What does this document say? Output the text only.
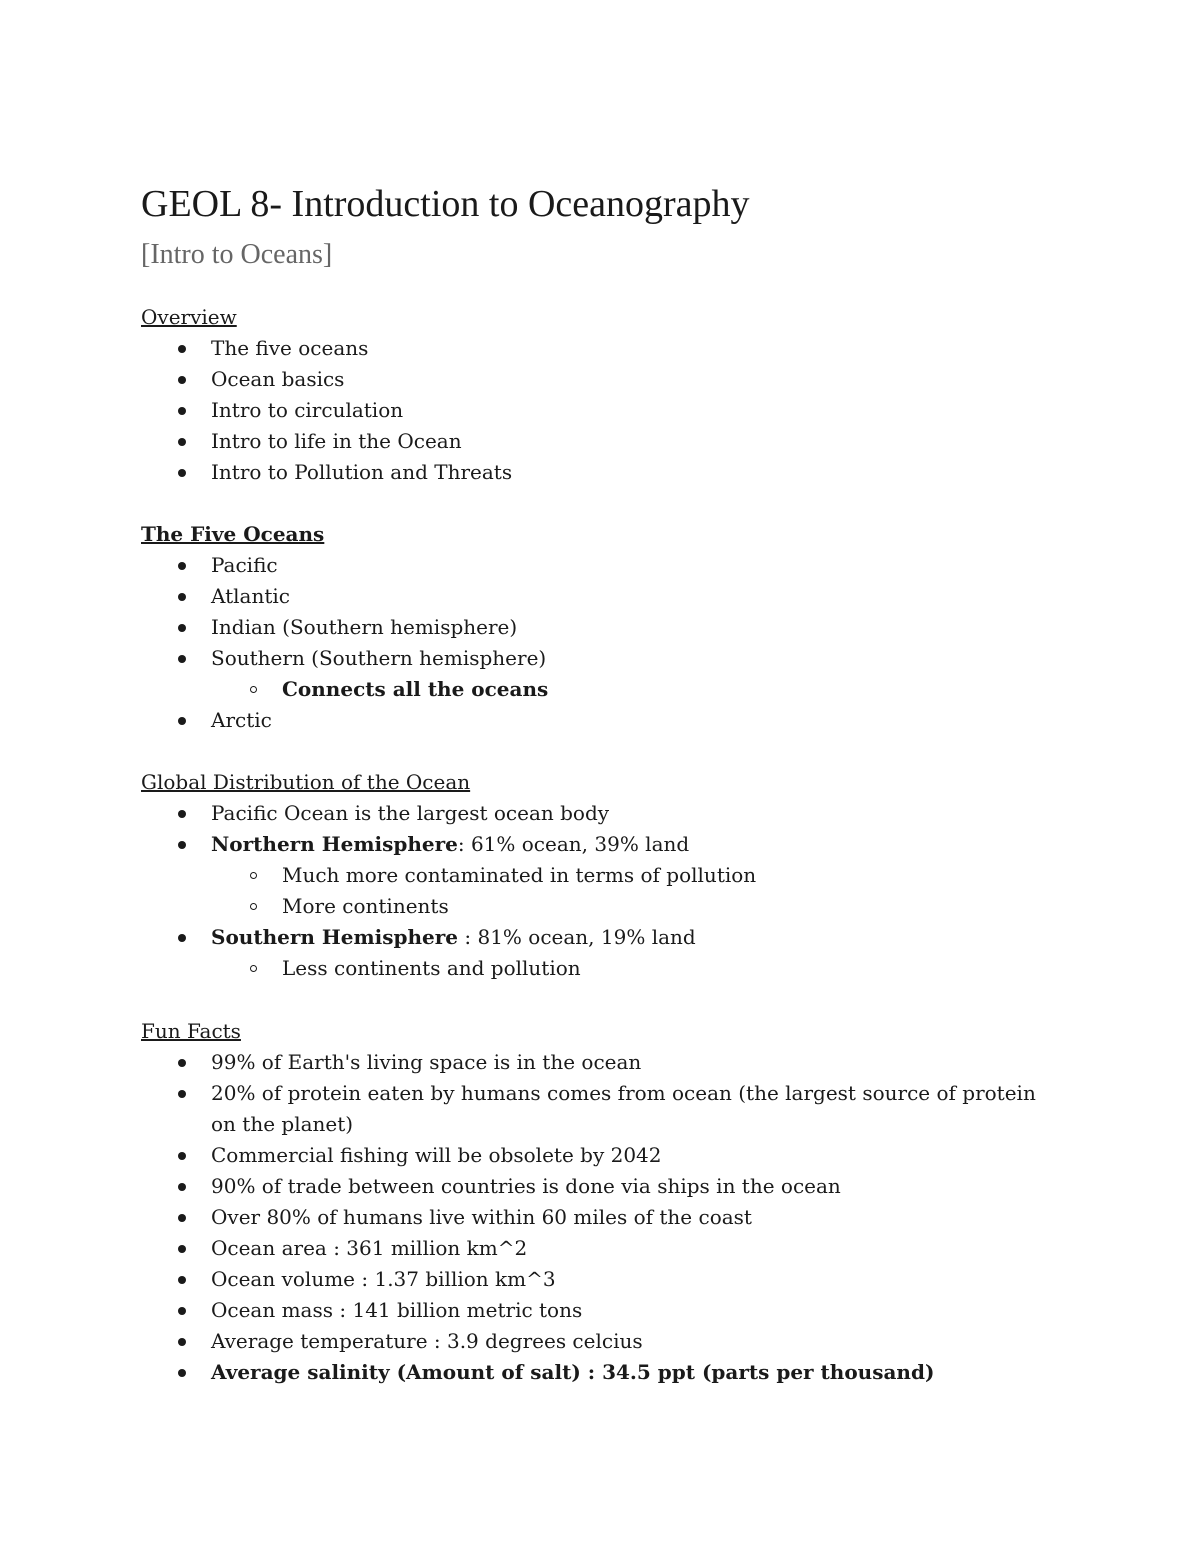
GEOL 8- Introduction to Oceanography
[Intro to Oceans]
Overview
The five oceans
Ocean basics
Intro to circulation
Intro to life in the Ocean
Intro to Pollution and Threats
The Five Oceans
Pacific
Atlantic
Indian (Southern hemisphere)
Southern (Southern hemisphere)
Connects all the oceans
Arctic
Global Distribution of the Ocean
Pacific Ocean is the largest ocean body
Northern Hemisphere: 61% ocean, 39% land
Much more contaminated in terms of pollution
More continents
Southern Hemisphere : 81% ocean, 19% land
Less continents and pollution
Fun Facts
99% of Earth's living space is in the ocean
20% of protein eaten by humans comes from ocean (the largest source of protein on the planet)
Commercial fishing will be obsolete by 2042
90% of trade between countries is done via ships in the ocean
Over 80% of humans live within 60 miles of the coast
Ocean area : 361 million km^2
Ocean volume : 1.37 billion km^3
Ocean mass : 141 billion metric tons
Average temperature : 3.9 degrees celcius
Average salinity (Amount of salt) : 34.5 ppt (parts per thousand)
